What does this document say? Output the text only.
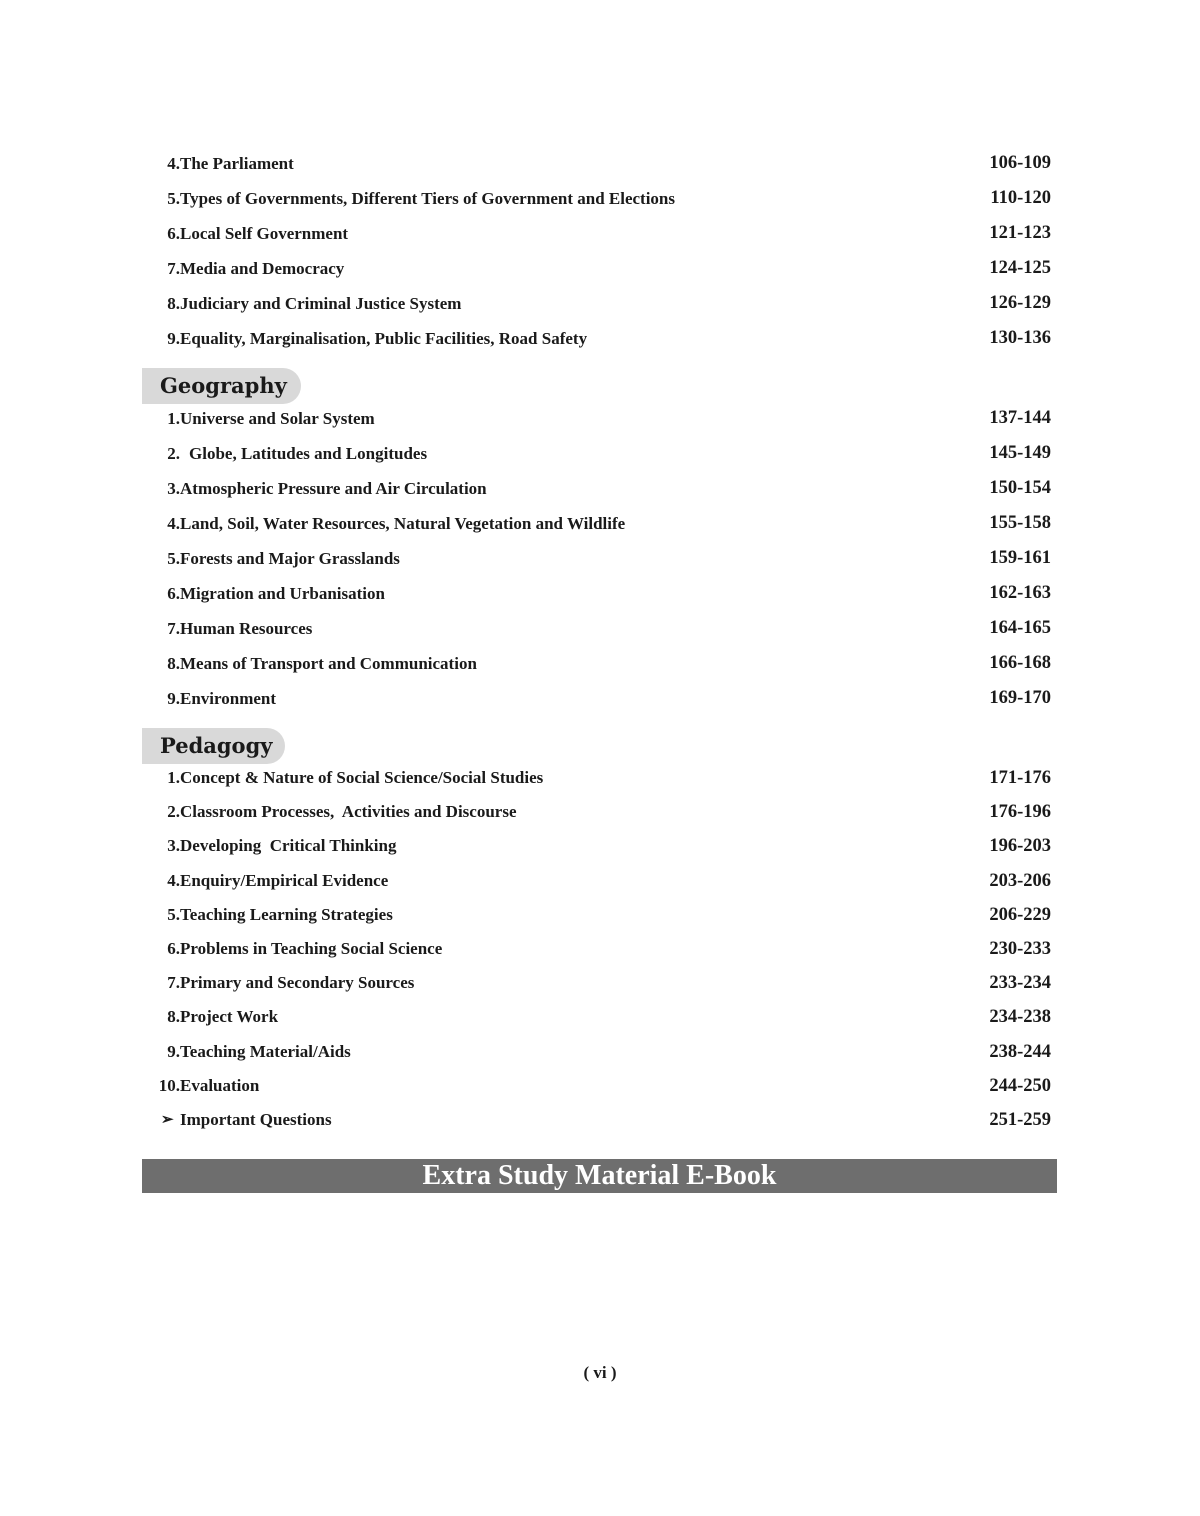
4. The Parliament	106-109
5. Types of Governments, Different Tiers of Government and Elections	110-120
6. Local Self Government	121-123
7. Media and Democracy	124-125
8. Judiciary and Criminal Justice System	126-129
9. Equality, Marginalisation, Public Facilities, Road Safety	130-136
Geography
1. Universe and Solar System	137-144
2. Globe, Latitudes and Longitudes	145-149
3. Atmospheric Pressure and Air Circulation	150-154
4. Land, Soil, Water Resources, Natural Vegetation and Wildlife	155-158
5. Forests and Major Grasslands	159-161
6. Migration and Urbanisation	162-163
7. Human Resources	164-165
8. Means of Transport and Communication	166-168
9. Environment	169-170
Pedagogy
1. Concept & Nature of Social Science/Social Studies	171-176
2. Classroom Processes,  Activities and Discourse	176-196
3. Developing  Critical Thinking	196-203
4. Enquiry/Empirical Evidence	203-206
5. Teaching Learning Strategies	206-229
6. Problems in Teaching Social Science	230-233
7. Primary and Secondary Sources	233-234
8. Project Work	234-238
9. Teaching Material/Aids	238-244
10. Evaluation	244-250
➢ Important Questions	251-259
Extra Study Material E-Book
( vi )
